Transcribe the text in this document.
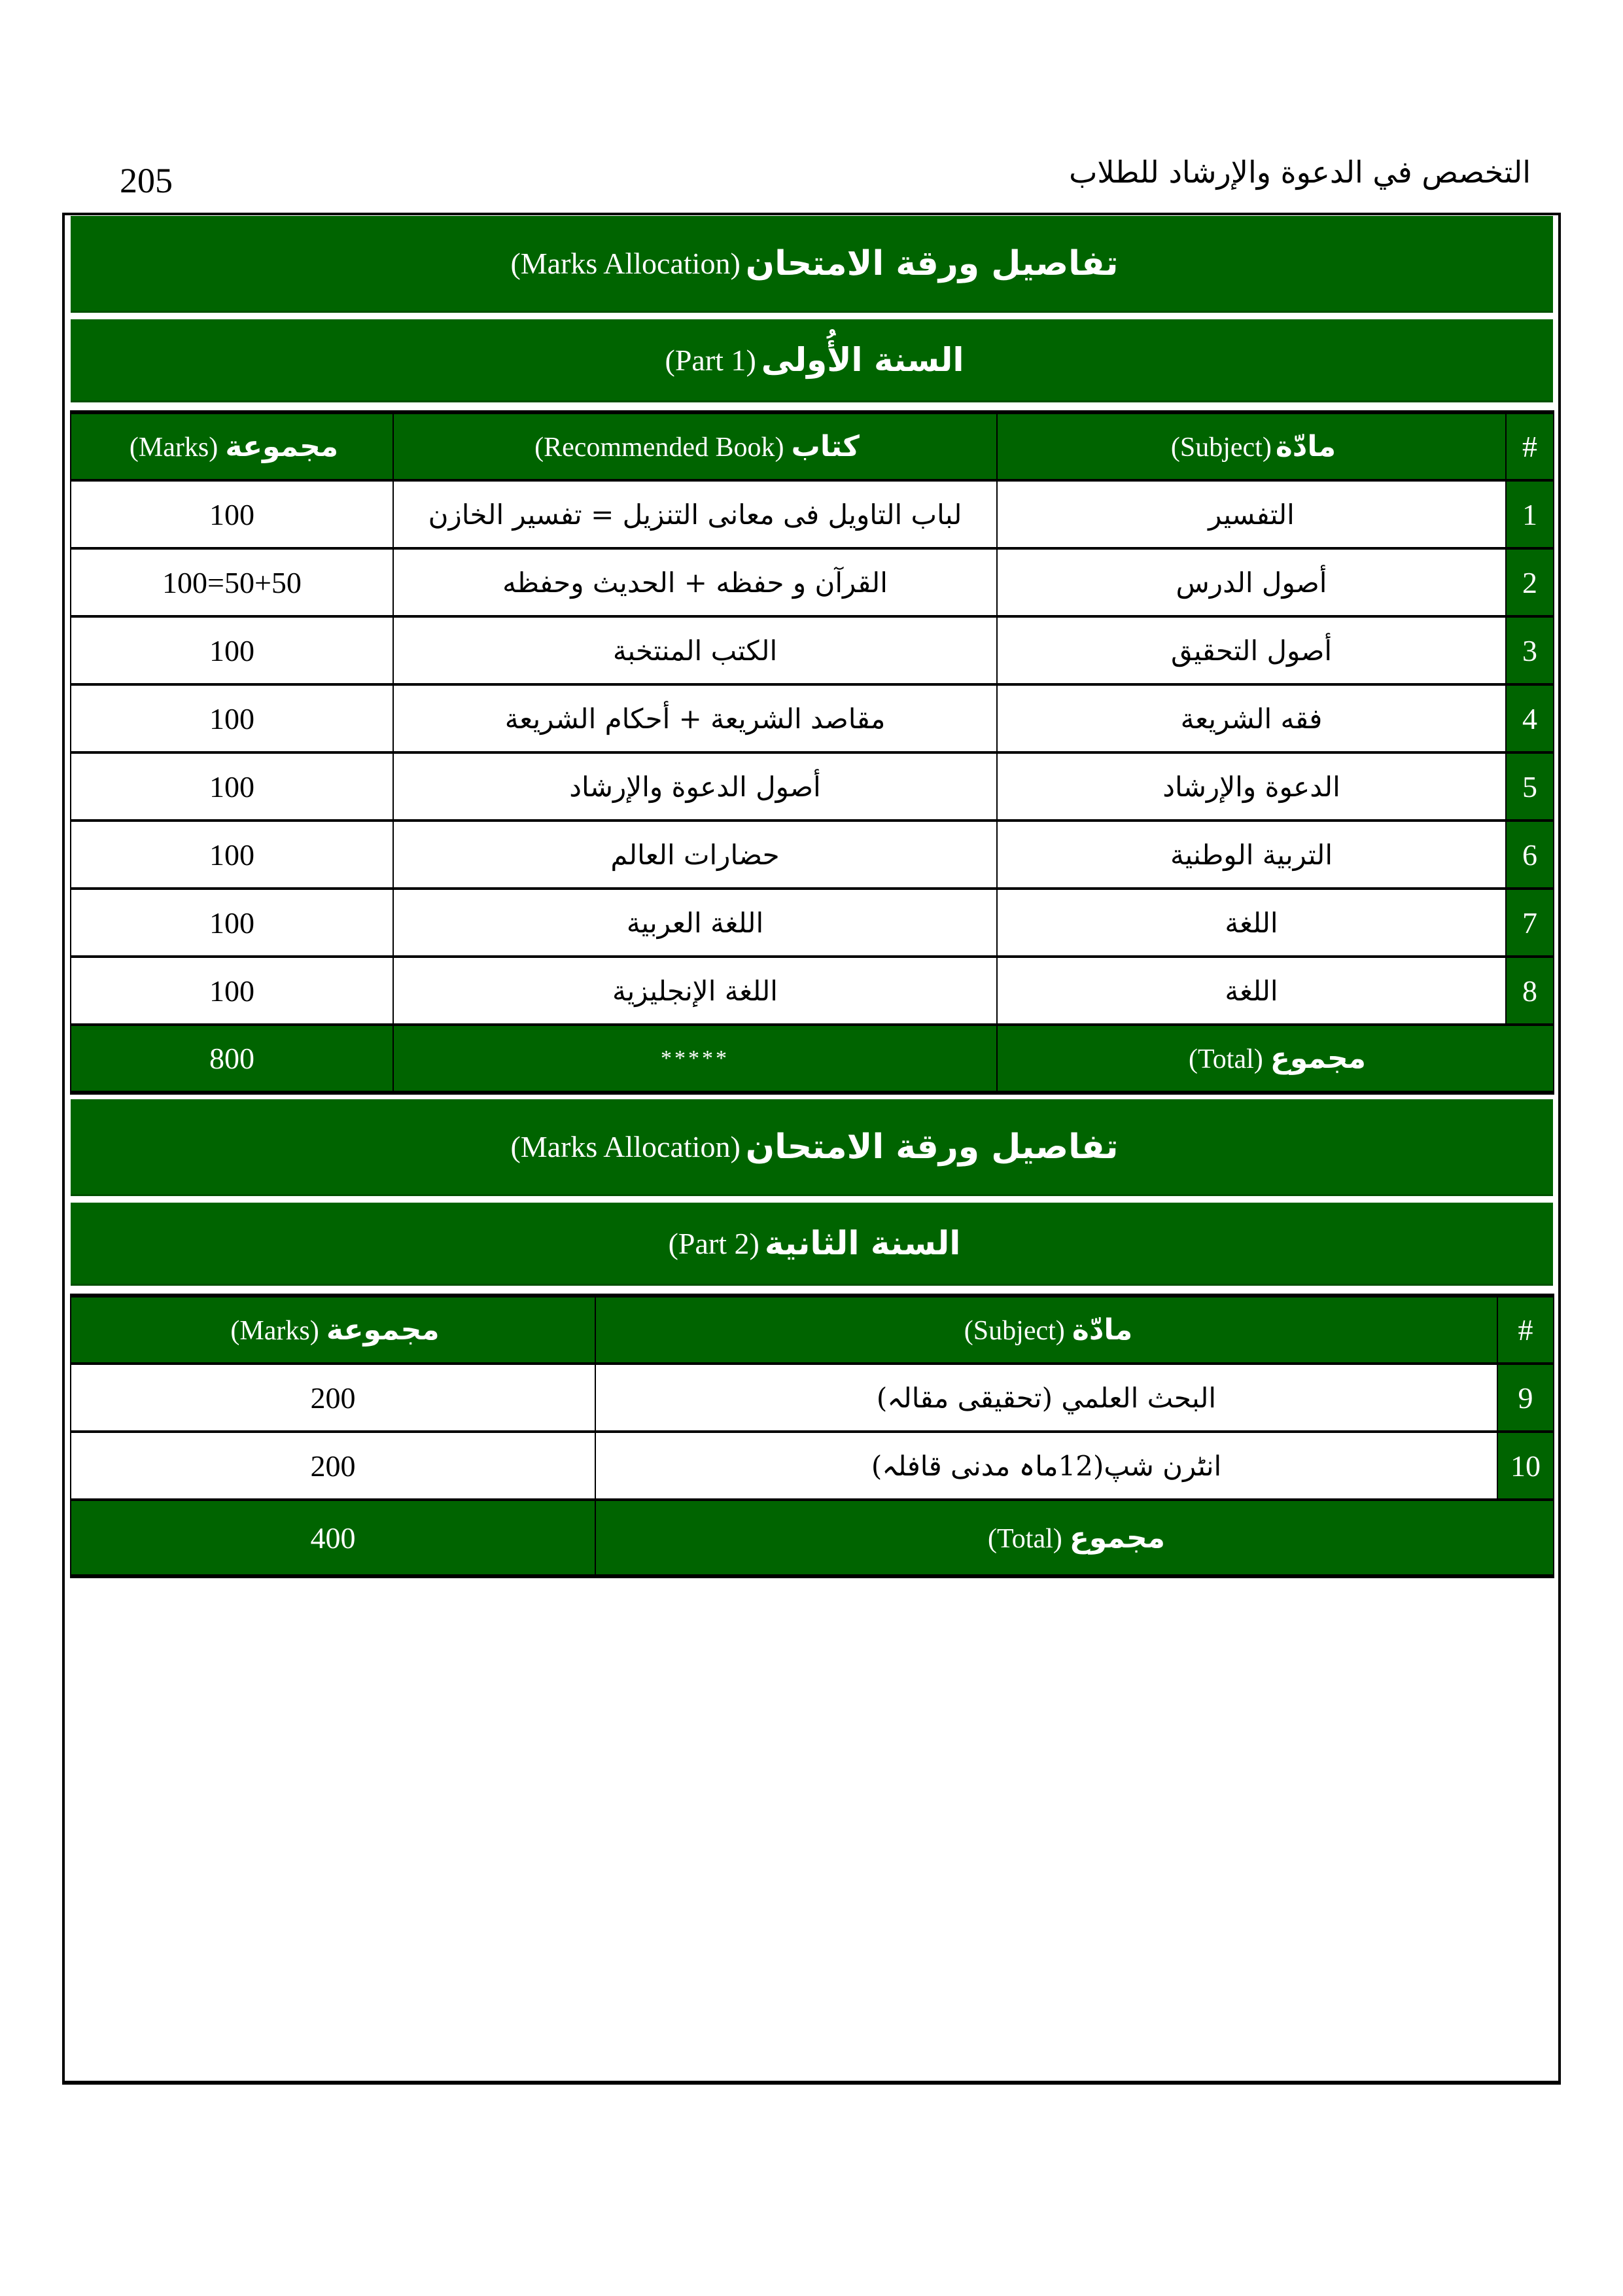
205	التخصص في الدعوة والإرشاد للطلاب
تفاصيل ورقة الامتحان
(Marks Allocation)
السنة الأُولى
(Part 1)
مجموعة (Marks)	كتاب (Recommended Book)	مادّة(Subject)	#
100	لباب التاويل فى معانى التنزيل = تفسير الخازن	التفسير	1
100=50+50	القرآن و حفظه + الحديث وحفظه	أصول الدرس	2
100	الكتب المنتخبة	أصول التحقيق	3
100	مقاصد الشريعة + أحكام الشريعة	فقه الشريعة	4
100	أصول الدعوة والإرشاد	الدعوة والإرشاد	5
100	حضارات العالم	التربية الوطنية	6
100	اللغة العربية	اللغة	7
100	اللغة الإنجليزية	اللغة	8
800	*****	مجموع (Total)	
تفاصيل ورقة الامتحان
(Marks Allocation)
السنة الثانية
(Part 2)
مجموعة (Marks)	مادّة (Subject)	#
200	البحث العلمي (تحقیقی مقالہ)	9
200	انٹرن شپ(12ماہ مدنی قافلہ)	10
400	مجموع (Total)	
